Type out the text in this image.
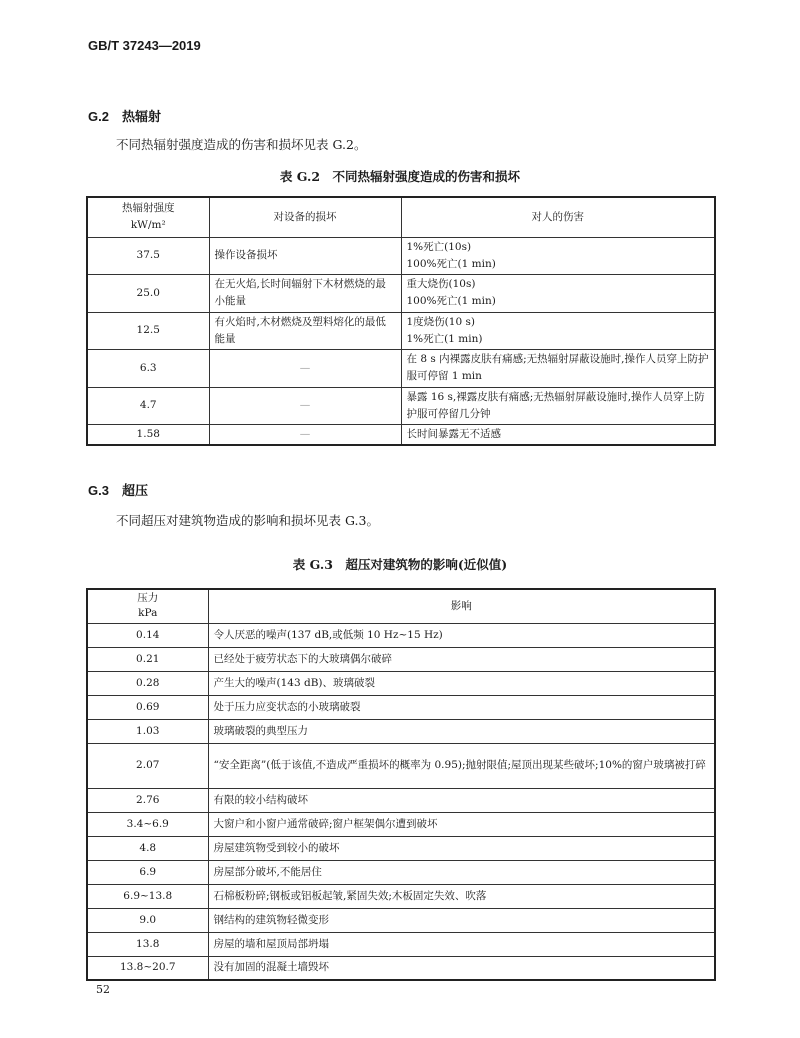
GB/T 37243—2019
G.2　热辐射
不同热辐射强度造成的伤害和损坏见表 G.2。
表 G.2　不同热辐射强度造成的伤害和损坏
热辐射强度
kW/m²	对设备的损坏	对人的伤害
37.5	操作设备损坏	1%死亡(10s)
100%死亡(1 min)

25.0	在无火焰,长时间辐射下木材燃烧的最小能量	重大烧伤(10s)
100%死亡(1 min)

12.5	有火焰时,木材燃烧及塑料熔化的最低能量	1度烧伤(10 s)
1%死亡(1 min)

6.3	—	在 8 s 内裸露皮肤有痛感;无热辐射屏蔽设施时,操作人员穿上防护服可停留 1 min

4.7	—	暴露 16 s,裸露皮肤有痛感;无热辐射屏蔽设施时,操作人员穿上防护服可停留几分钟

1.58	—	长时间暴露无不适感
G.3　超压
不同超压对建筑物造成的影响和损坏见表 G.3。
表 G.3　超压对建筑物的影响(近似值)
压力
kPa	影响
0.14	令人厌恶的噪声(137 dB,或低频 10 Hz~15 Hz)
0.21	已经处于疲劳状态下的大玻璃偶尔破碎
0.28	产生大的噪声(143 dB)、玻璃破裂
0.69	处于压力应变状态的小玻璃破裂
1.03	玻璃破裂的典型压力
2.07	“安全距离”(低于该值,不造成严重损坏的概率为 0.95);抛射限值;屋顶出现某些破坏;10%的窗户玻璃被打碎
2.76	有限的较小结构破坏
3.4~6.9	大窗户和小窗户通常破碎;窗户框架偶尔遭到破坏
4.8	房屋建筑物受到较小的破坏
6.9	房屋部分破坏,不能居住
6.9~13.8	石棉板粉碎;钢板或铝板起皱,紧固失效;木板固定失效、吹落
9.0	钢结构的建筑物轻微变形
13.8	房屋的墙和屋顶局部坍塌
13.8~20.7	没有加固的混凝土墙毁坏
52
